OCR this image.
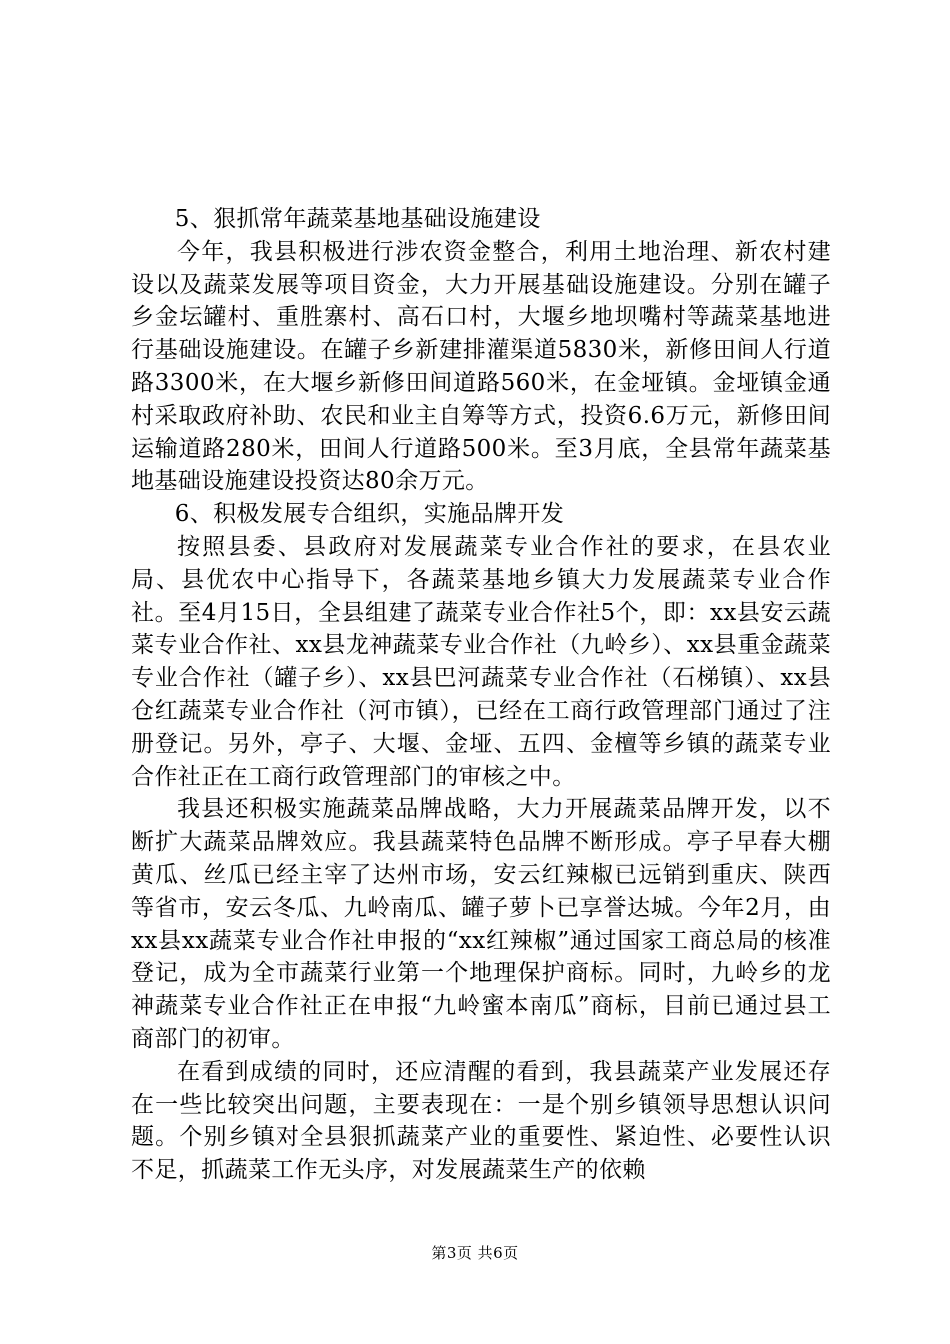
5、狠抓常年蔬菜基地基础设施建设

今年，我县积极进行涉农资金整合，利用土地治理、新农村建设以及蔬菜发展等项目资金，大力开展基础设施建设。分别在罐子乡金坛罐村、重胜寨村、高石口村，大堰乡地坝嘴村等蔬菜基地进行基础设施建设。在罐子乡新建排灌渠道5830米，新修田间人行道路3300米，在大堰乡新修田间道路560米，在金垭镇。金垭镇金通村采取政府补助、农民和业主自筹等方式，投资6.6万元，新修田间运输道路280米，田间人行道路500米。至3月底，全县常年蔬菜基地基础设施建设投资达80余万元。

6、积极发展专合组织，实施品牌开发

按照县委、县政府对发展蔬菜专业合作社的要求，在县农业局、县优农中心指导下，各蔬菜基地乡镇大力发展蔬菜专业合作社。至4月15日，全县组建了蔬菜专业合作社5个，即：xx县安云蔬菜专业合作社、xx县龙神蔬菜专业合作社（九岭乡）、xx县重金蔬菜专业合作社（罐子乡）、xx县巴河蔬菜专业合作社（石梯镇）、xx县仓红蔬菜专业合作社（河市镇），已经在工商行政管理部门通过了注册登记。另外，亭子、大堰、金垭、五四、金檀等乡镇的蔬菜专业合作社正在工商行政管理部门的审核之中。

我县还积极实施蔬菜品牌战略，大力开展蔬菜品牌开发，以不断扩大蔬菜品牌效应。我县蔬菜特色品牌不断形成。亭子早春大棚黄瓜、丝瓜已经主宰了达州市场，安云红辣椒已远销到重庆、陕西等省市，安云冬瓜、九岭南瓜、罐子萝卜已享誉达城。今年2月，由xx县xx蔬菜专业合作社申报的“xx红辣椒”通过国家工商总局的核准登记，成为全市蔬菜行业第一个地理保护商标。同时，九岭乡的龙神蔬菜专业合作社正在申报“九岭蜜本南瓜”商标，目前已通过县工商部门的初审。

在看到成绩的同时，还应清醒的看到，我县蔬菜产业发展还存在一些比较突出问题，主要表现在：一是个别乡镇领导思想认识问题。个别乡镇对全县狠抓蔬菜产业的重要性、紧迫性、必要性认识不足，抓蔬菜工作无头序，对发展蔬菜生产的依赖

第3页 共6页
